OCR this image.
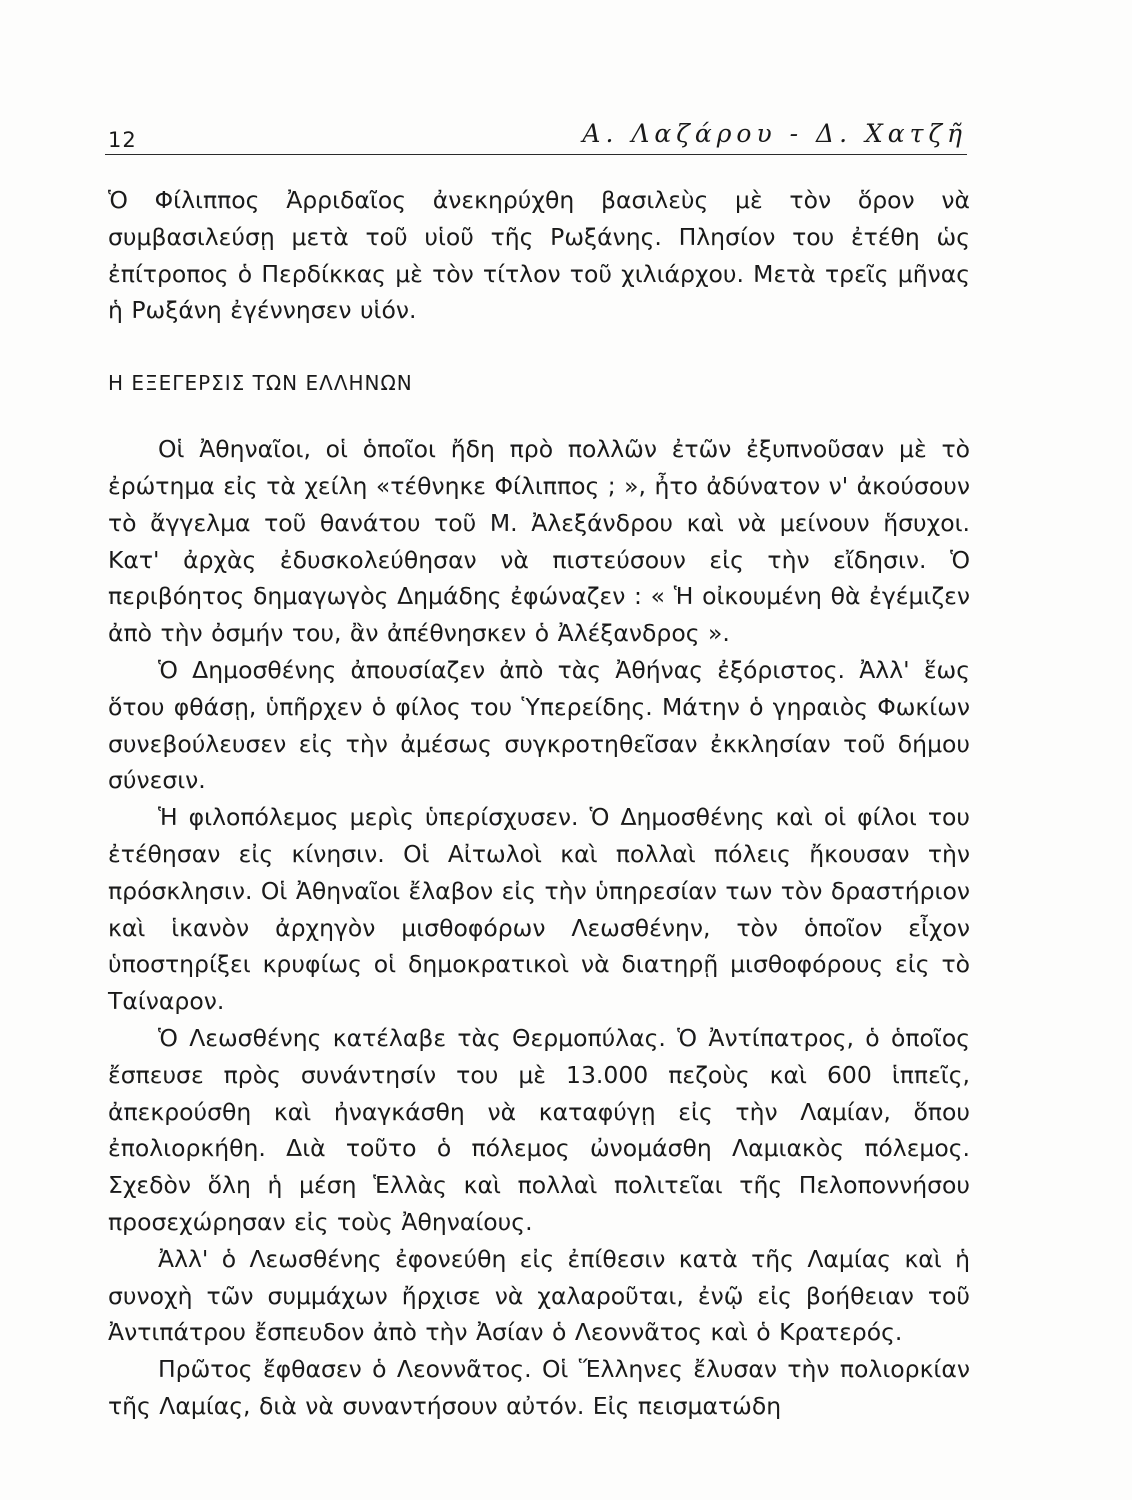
12	Α. Λαζάρου - Δ. Χατζῆ

Ὁ Φίλιππος Ἀρριδαῖος ἀνεκηρύχθη βασιλεὺς μὲ τὸν ὅρον νὰ συμβασιλεύσῃ μετὰ τοῦ υἱοῦ τῆς Ρωξάνης. Πλησίον του ἐτέθη ὡς ἐπίτροπος ὁ Περδίκκας μὲ τὸν τίτλον τοῦ χιλιάρχου. Μετὰ τρεῖς μῆνας ἡ Ρωξάνη ἐγέννησεν υἱόν.

Η ΕΞΕΓΕΡΣΙΣ ΤΩΝ ΕΛΛΗΝΩΝ

Οἱ Ἀθηναῖοι, οἱ ὁποῖοι ἤδη πρὸ πολλῶν ἐτῶν ἐξυπνοῦσαν μὲ τὸ ἐρώτημα εἰς τὰ χείλη «τέθνηκε Φίλιππος ; », ἦτο ἀδύνατον ν' ἀκούσουν τὸ ἄγγελμα τοῦ θανάτου τοῦ Μ. Ἀλεξάνδρου καὶ νὰ μείνουν ἥσυχοι. Κατ' ἀρχὰς ἐδυσκολεύθησαν νὰ πιστεύσουν εἰς τὴν εἴδησιν. Ὁ περιβόητος δημαγωγὸς Δημάδης ἐφώναζεν : « Ἡ οἰκουμένη θὰ ἐγέμιζεν ἀπὸ τὴν ὀσμήν του, ἂν ἀπέθνησκεν ὁ Ἀλέξανδρος ».

Ὁ Δημοσθένης ἀπουσίαζεν ἀπὸ τὰς Ἀθήνας ἐξόριστος. Ἀλλ' ἕως ὅτου φθάσῃ, ὑπῆρχεν ὁ φίλος του Ὑπερείδης. Μάτην ὁ γηραιὸς Φωκίων συνεβούλευσεν εἰς τὴν ἀμέσως συγκροτηθεῖσαν ἐκκλησίαν τοῦ δήμου σύνεσιν.

Ἡ φιλοπόλεμος μερὶς ὑπερίσχυσεν. Ὁ Δημοσθένης καὶ οἱ φίλοι του ἐτέθησαν εἰς κίνησιν. Οἱ Αἰτωλοὶ καὶ πολλαὶ πόλεις ἤκουσαν τὴν πρόσκλησιν. Οἱ Ἀθηναῖοι ἔλαβον εἰς τὴν ὑπηρεσίαν των τὸν δραστήριον καὶ ἱκανὸν ἀρχηγὸν μισθοφόρων Λεωσθένην, τὸν ὁποῖον εἶχον ὑποστηρίξει κρυφίως οἱ δημοκρατικοὶ νὰ διατηρῇ μισθοφόρους εἰς τὸ Ταίναρον.

Ὁ Λεωσθένης κατέλαβε τὰς Θερμοπύλας. Ὁ Ἀντίπατρος, ὁ ὁποῖος ἔσπευσε πρὸς συνάντησίν του μὲ 13.000 πεζοὺς καὶ 600 ἱππεῖς, ἀπεκρούσθη καὶ ἠναγκάσθη νὰ καταφύγῃ εἰς τὴν Λαμίαν, ὅπου ἐπολιορκήθη. Διὰ τοῦτο ὁ πόλεμος ὠνομάσθη Λαμιακὸς πόλεμος. Σχεδὸν ὅλη ἡ μέση Ἑλλὰς καὶ πολλαὶ πολιτεῖαι τῆς Πελοποννήσου προσεχώρησαν εἰς τοὺς Ἀθηναίους.

Ἀλλ' ὁ Λεωσθένης ἐφονεύθη εἰς ἐπίθεσιν κατὰ τῆς Λαμίας καὶ ἡ συνοχὴ τῶν συμμάχων ἤρχισε νὰ χαλαροῦται, ἐνῷ εἰς βοήθειαν τοῦ Ἀντιπάτρου ἔσπευδον ἀπὸ τὴν Ἀσίαν ὁ Λεοννᾶτος καὶ ὁ Κρατερός.

Πρῶτος ἔφθασεν ὁ Λεοννᾶτος. Οἱ Ἕλληνες ἔλυσαν τὴν πολιορκίαν τῆς Λαμίας, διὰ νὰ συναντήσουν αὐτόν. Εἰς πεισματώδη
